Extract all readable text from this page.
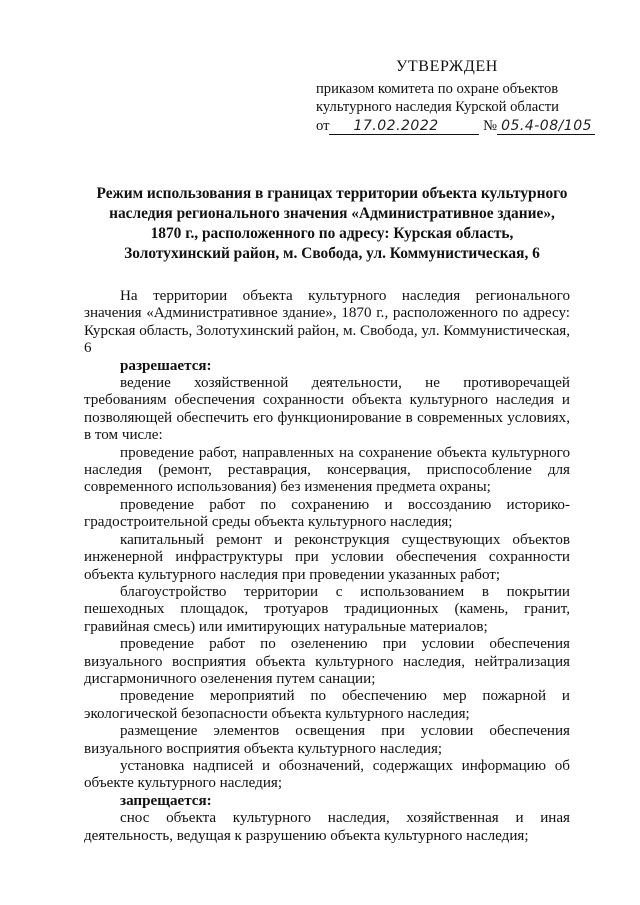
УТВЕРЖДЕН
приказом комитета по охране объектов
культурного наследия Курской области
от 17.02.2022	№ 05.4-08/105
Режим использования в границах территории объекта культурного
наследия регионального значения «Административное здание»,
1870 г., расположенного по адресу: Курская область,
Золотухинский район, м. Свобода, ул. Коммунистическая, 6

На территории объекта культурного наследия регионального значения «Административное здание», 1870 г., расположенного по адресу: Курская область, Золотухинский район, м. Свобода, ул. Коммунистическая, 6

разрешается:

ведение хозяйственной деятельности, не противоречащей требованиям обеспечения сохранности объекта культурного наследия и позволяющей обеспечить его функционирование в современных условиях, в том числе:

проведение работ, направленных на сохранение объекта культурного наследия (ремонт, реставрация, консервация, приспособление для современного использования) без изменения предмета охраны;

проведение работ по сохранению и воссозданию историко-градостроительной среды объекта культурного наследия;

капитальный ремонт и реконструкция существующих объектов инженерной инфраструктуры при условии обеспечения сохранности объекта культурного наследия при проведении указанных работ;

благоустройство территории с использованием в покрытии пешеходных площадок, тротуаров традиционных (камень, гранит, гравийная смесь) или имитирующих натуральные материалов;

проведение работ по озеленению при условии обеспечения визуального восприятия объекта культурного наследия, нейтрализация дисгармоничного озеленения путем санации;

проведение мероприятий по обеспечению мер пожарной и экологической безопасности объекта культурного наследия;

размещение элементов освещения при условии обеспечения визуального восприятия объекта культурного наследия;

установка надписей и обозначений, содержащих информацию об объекте культурного наследия;

запрещается:

снос объекта культурного наследия, хозяйственная и иная деятельность, ведущая к разрушению объекта культурного наследия;
